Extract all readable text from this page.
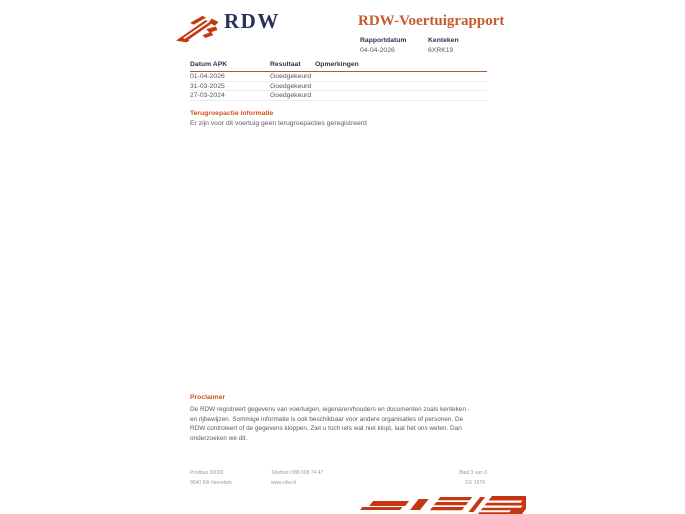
RDW	RDW-Voertuigrapport
Rapportdatum
04-04-2026
Kenteken
6XRK19
Datum APK	Resultaat	Opmerkingen
01-04-2026	Goedgekeurd
31-03-2025	Goedgekeurd
27-03-2024	Goedgekeurd
Terugroepactie informatie
Er zijn voor dit voertuig geen terugroepacties geregistreerd
Proclaimer
De RDW registreert gegevens van voertuigen, eigenaren/houders en documenten zoals kenteken - en rijbewijzen. Sommige informatie is ook beschikbaar voor andere organisaties of personen. De RDW controleert of de gegevens kloppen. Ziet u toch iets wat niet klopt, laat het ons weten. Dan onderzoeken we dit.
Postbus 30000
9640 RA Veendam
Telefoon 088 008 74 47
www.rdw.nl
Blad 3 van 3
3 E 1679
